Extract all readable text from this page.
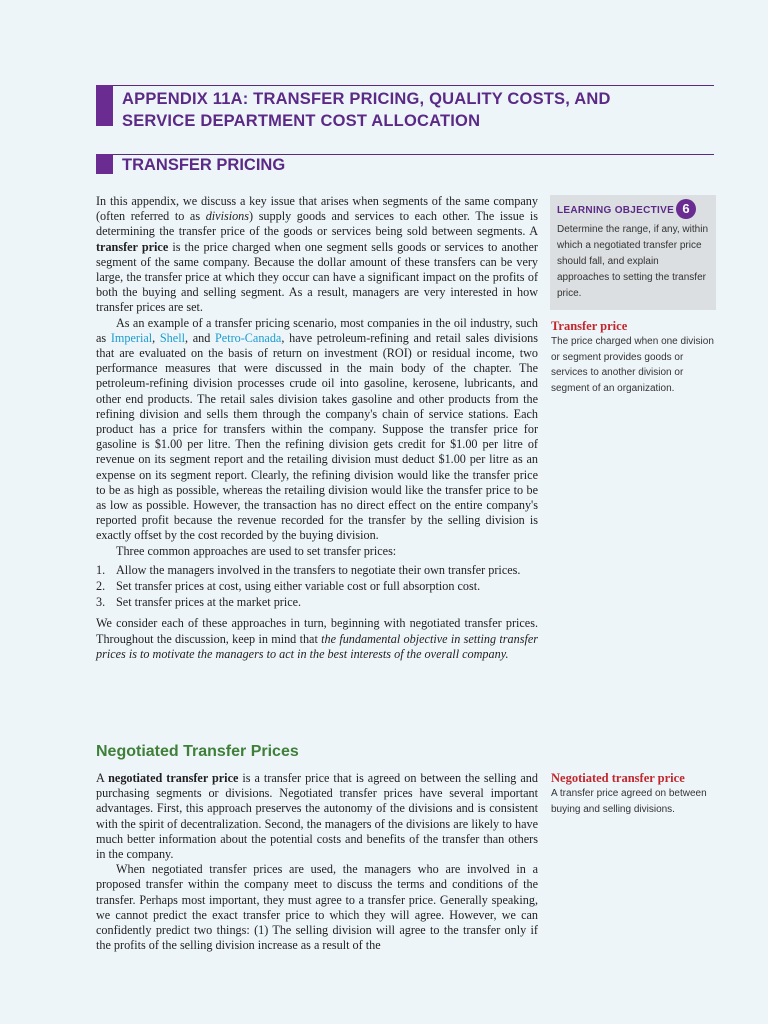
APPENDIX 11A: TRANSFER PRICING, QUALITY COSTS, AND SERVICE DEPARTMENT COST ALLOCATION
TRANSFER PRICING

In this appendix, we discuss a key issue that arises when segments of the same company (often referred to as divisions) supply goods and services to each other. The issue is determining the transfer price of the goods or services being sold between segments. A transfer price is the price charged when one segment sells goods or services to another segment of the same company. Because the dollar amount of these transfers can be very large, the transfer price at which they occur can have a significant impact on the profits of both the buying and selling segment. As a result, managers are very interested in how transfer prices are set.

As an example of a transfer pricing scenario, most companies in the oil industry, such as Imperial, Shell, and Petro-Canada, have petroleum-refining and retail sales divisions that are evaluated on the basis of return on investment (ROI) or residual income, two performance measures that were discussed in the main body of the chapter. The petroleum-refining division processes crude oil into gasoline, kerosene, lubricants, and other end products. The retail sales division takes gasoline and other products from the refining division and sells them through the company's chain of service stations. Each product has a price for transfers within the company. Suppose the transfer price for gasoline is $1.00 per litre. Then the refining division gets credit for $1.00 per litre of revenue on its segment report and the retailing division must deduct $1.00 per litre as an expense on its segment report. Clearly, the refining division would like the transfer price to be as high as possible, whereas the retailing division would like the transfer price to be as low as possible. However, the transaction has no direct effect on the entire company's reported profit because the revenue recorded for the transfer by the selling division is exactly offset by the cost recorded by the buying division.

Three common approaches are used to set transfer prices:

1. Allow the managers involved in the transfers to negotiate their own transfer prices.
2. Set transfer prices at cost, using either variable cost or full absorption cost.
3. Set transfer prices at the market price.

We consider each of these approaches in turn, beginning with negotiated transfer prices. Throughout the discussion, keep in mind that the fundamental objective in setting transfer prices is to motivate the managers to act in the best interests of the overall company.

Negotiated Transfer Prices

A negotiated transfer price is a transfer price that is agreed on between the selling and purchasing segments or divisions. Negotiated transfer prices have several important advantages. First, this approach preserves the autonomy of the divisions and is consistent with the spirit of decentralization. Second, the managers of the divisions are likely to have much better information about the potential costs and benefits of the transfer than others in the company.

When negotiated transfer prices are used, the managers who are involved in a proposed transfer within the company meet to discuss the terms and conditions of the transfer. Perhaps most important, they must agree to a transfer price. Generally speaking, we cannot predict the exact transfer price to which they will agree. However, we can confidently predict two things: (1) The selling division will agree to the transfer only if the profits of the selling division increase as a result of the

LEARNING OBJECTIVE 6
Determine the range, if any, within which a negotiated transfer price should fall, and explain approaches to setting the transfer price.
Transfer price
The price charged when one division or segment provides goods or services to another division or segment of an organization.
Negotiated transfer price
A transfer price agreed on between buying and selling divisions.
